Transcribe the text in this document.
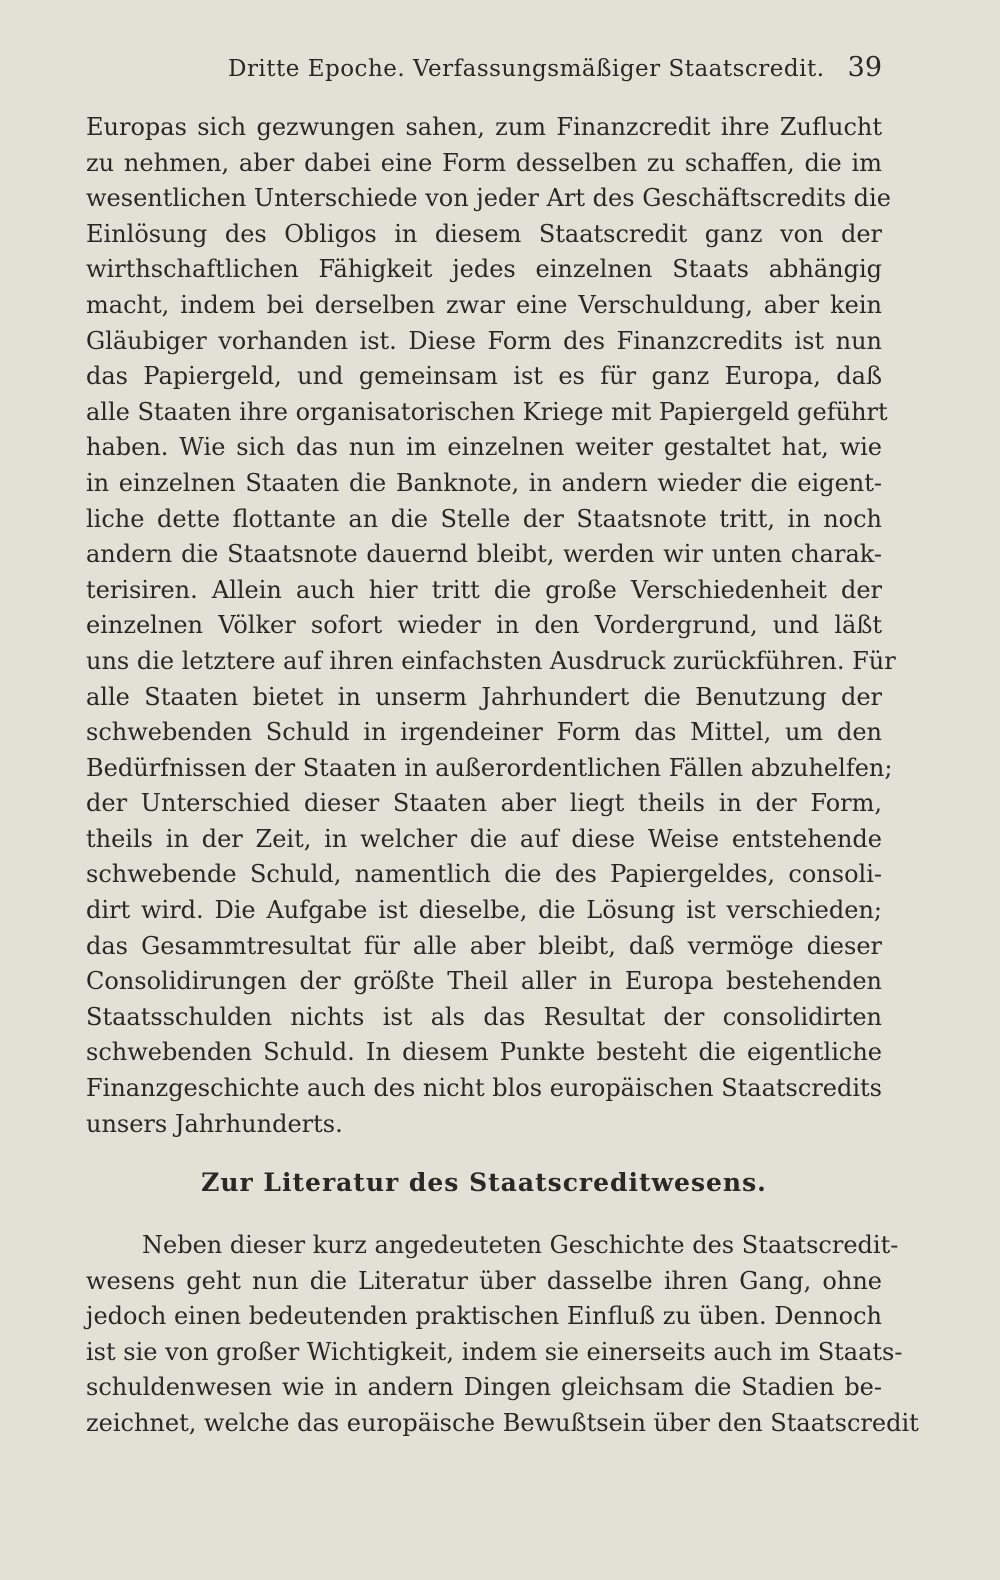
Dritte Epoche. Verfassungsmäßiger Staatscredit. 39
Europas sich gezwungen sahen, zum Finanzcredit ihre Zuflucht
zu nehmen, aber dabei eine Form desselben zu schaffen, die im
wesentlichen Unterschiede von jeder Art des Geschäftscredits die
Einlösung des Obligos in diesem Staatscredit ganz von der
wirthschaftlichen Fähigkeit jedes einzelnen Staats abhängig
macht, indem bei derselben zwar eine Verschuldung, aber kein
Gläubiger vorhanden ist. Diese Form des Finanzcredits ist nun
das Papiergeld, und gemeinsam ist es für ganz Europa, daß
alle Staaten ihre organisatorischen Kriege mit Papiergeld geführt
haben. Wie sich das nun im einzelnen weiter gestaltet hat, wie
in einzelnen Staaten die Banknote, in andern wieder die eigent-
liche dette flottante an die Stelle der Staatsnote tritt, in noch
andern die Staatsnote dauernd bleibt, werden wir unten charak-
terisiren. Allein auch hier tritt die große Verschiedenheit der
einzelnen Völker sofort wieder in den Vordergrund, und läßt
uns die letztere auf ihren einfachsten Ausdruck zurückführen. Für
alle Staaten bietet in unserm Jahrhundert die Benutzung der
schwebenden Schuld in irgendeiner Form das Mittel, um den
Bedürfnissen der Staaten in außerordentlichen Fällen abzuhelfen;
der Unterschied dieser Staaten aber liegt theils in der Form,
theils in der Zeit, in welcher die auf diese Weise entstehende
schwebende Schuld, namentlich die des Papiergeldes, consoli-
dirt wird. Die Aufgabe ist dieselbe, die Lösung ist verschieden;
das Gesammtresultat für alle aber bleibt, daß vermöge dieser
Consolidirungen der größte Theil aller in Europa bestehenden
Staatsschulden nichts ist als das Resultat der consolidirten
schwebenden Schuld. In diesem Punkte besteht die eigentliche
Finanzgeschichte auch des nicht blos europäischen Staatscredits
unsers Jahrhunderts.
Zur Literatur des Staatscreditwesens.
Neben dieser kurz angedeuteten Geschichte des Staatscredit-
wesens geht nun die Literatur über dasselbe ihren Gang, ohne
jedoch einen bedeutenden praktischen Einfluß zu üben. Dennoch
ist sie von großer Wichtigkeit, indem sie einerseits auch im Staats-
schuldenwesen wie in andern Dingen gleichsam die Stadien be-
zeichnet, welche das europäische Bewußtsein über den Staatscredit
